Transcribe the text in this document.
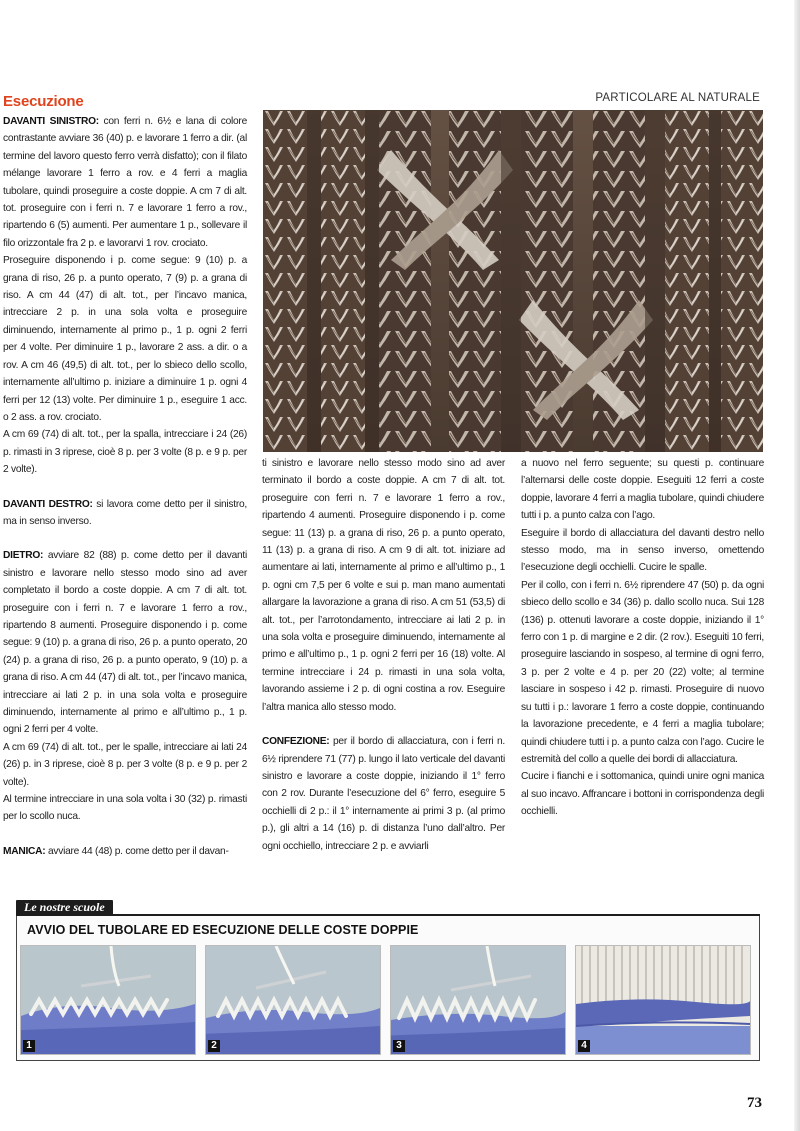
Esecuzione	PARTICOLARE AL NATURALE

DAVANTI SINISTRO: con ferri n. 6½ e lana di colore contrastante avviare 36 (40) p. e lavorare 1 ferro a dir. (al termine del lavoro questo ferro verrà disfatto); con il filato mélange lavorare 1 ferro a rov. e 4 ferri a maglia tubolare, quindi proseguire a coste doppie. A cm 7 di alt. tot. proseguire con i ferri n. 7 e lavorare 1 ferro a rov., ripartendo 6 (5) aumenti. Per aumentare 1 p., sollevare il filo orizzontale fra 2 p. e lavorarvi 1 rov. crociato.

Proseguire disponendo i p. come segue: 9 (10) p. a grana di riso, 26 p. a punto operato, 7 (9) p. a grana di riso. A cm 44 (47) di alt. tot., per l’incavo manica, intrecciare 2 p. in una sola volta e proseguire diminuendo, internamente al primo p., 1 p. ogni 2 ferri per 4 volte. Per diminuire 1 p., lavorare 2 ass. a dir. o a rov. A cm 46 (49,5) di alt. tot., per lo sbieco dello scollo, internamente all’ultimo p. iniziare a diminuire 1 p. ogni 4 ferri per 12 (13) volte. Per diminuire 1 p., eseguire 1 acc. o 2 ass. a rov. crociato.

A cm 69 (74) di alt. tot., per la spalla, intrecciare i 24 (26) p. rimasti in 3 riprese, cioè 8 p. per 3 volte (8 p. e 9 p. per 2 volte).

DAVANTI DESTRO: si lavora come detto per il sinistro, ma in senso inverso.

DIETRO: avviare 82 (88) p. come detto per il davanti sinistro e lavorare nello stesso modo sino ad aver completato il bordo a coste doppie. A cm 7 di alt. tot. proseguire con i ferri n. 7 e lavorare 1 ferro a rov., ripartendo 8 aumenti. Proseguire disponendo i p. come segue: 9 (10) p. a grana di riso, 26 p. a punto operato, 20 (24) p. a grana di riso, 26 p. a punto operato, 9 (10) p. a grana di riso. A cm 44 (47) di alt. tot., per l’incavo manica, intrecciare ai lati 2 p. in una sola volta e proseguire diminuendo, internamente al primo e all’ultimo p., 1 p. ogni 2 ferri per 4 volte.

A cm 69 (74) di alt. tot., per le spalle, intrecciare ai lati 24 (26) p. in 3 riprese, cioè 8 p. per 3 volte (8 p. e 9 p. per 2 volte).

Al termine intrecciare in una sola volta i 30 (32) p. rimasti per lo scollo nuca.

MANICA: avviare 44 (48) p. come detto per il davan-

ti sinistro e lavorare nello stesso modo sino ad aver terminato il bordo a coste doppie. A cm 7 di alt. tot. proseguire con ferri n. 7 e lavorare 1 ferro a rov., ripartendo 4 aumenti. Proseguire disponendo i p. come segue: 11 (13) p. a grana di riso, 26 p. a punto operato, 11 (13) p. a grana di riso. A cm 9 di alt. tot. iniziare ad aumentare ai lati, internamente al primo e all’ultimo p., 1 p. ogni cm 7,5 per 6 volte e sui p. man mano aumentati allargare la lavorazione a grana di riso. A cm 51 (53,5) di alt. tot., per l’arrotondamento, intrecciare ai lati 2 p. in una sola volta e proseguire diminuendo, internamente al primo e all’ultimo p., 1 p. ogni 2 ferri per 16 (18) volte. Al termine intrecciare i 24 p. rimasti in una sola volta, lavorando assieme i 2 p. di ogni costina a rov. Eseguire l’altra manica allo stesso modo.

CONFEZIONE: per il bordo di allacciatura, con i ferri n. 6½ riprendere 71 (77) p. lungo il lato verticale del davanti sinistro e lavorare a coste doppie, iniziando il 1° ferro con 2 rov. Durante l’esecuzione del 6° ferro, eseguire 5 occhielli di 2 p.: il 1° internamente ai primi 3 p. (al primo p.), gli altri a 14 (16) p. di distanza l’uno dall’altro. Per ogni occhiello, intrecciare 2 p. e avviarli

a nuovo nel ferro seguente; su questi p. continuare l’alternarsi delle coste doppie. Eseguiti 12 ferri a coste doppie, lavorare 4 ferri a maglia tubolare, quindi chiudere tutti i p. a punto calza con l’ago.

Eseguire il bordo di allacciatura del davanti destro nello stesso modo, ma in senso inverso, omettendo l’esecuzione degli occhielli. Cucire le spalle.

Per il collo, con i ferri n. 6½ riprendere 47 (50) p. da ogni sbieco dello scollo e 34 (36) p. dallo scollo nuca. Sui 128 (136) p. ottenuti lavorare a coste doppie, iniziando il 1° ferro con 1 p. di margine e 2 dir. (2 rov.). Eseguiti 10 ferri, proseguire lasciando in sospeso, al termine di ogni ferro, 3 p. per 2 volte e 4 p. per 20 (22) volte; al termine lasciare in sospeso i 42 p. rimasti. Proseguire di nuovo su tutti i p.: lavorare 1 ferro a coste doppie, continuando la lavorazione precedente, e 4 ferri a maglia tubolare; quindi chiudere tutti i p. a punto calza con l’ago. Cucire le estremità del collo a quelle dei bordi di allacciatura.

Cucire i fianchi e i sottomanica, quindi unire ogni manica al suo incavo. Affrancare i bottoni in corrispondenza degli occhielli.

Le nostre scuole
AVVIO DEL TUBOLARE ED ESECUZIONE DELLE COSTE DOPPIE
1	2	3	4
73
